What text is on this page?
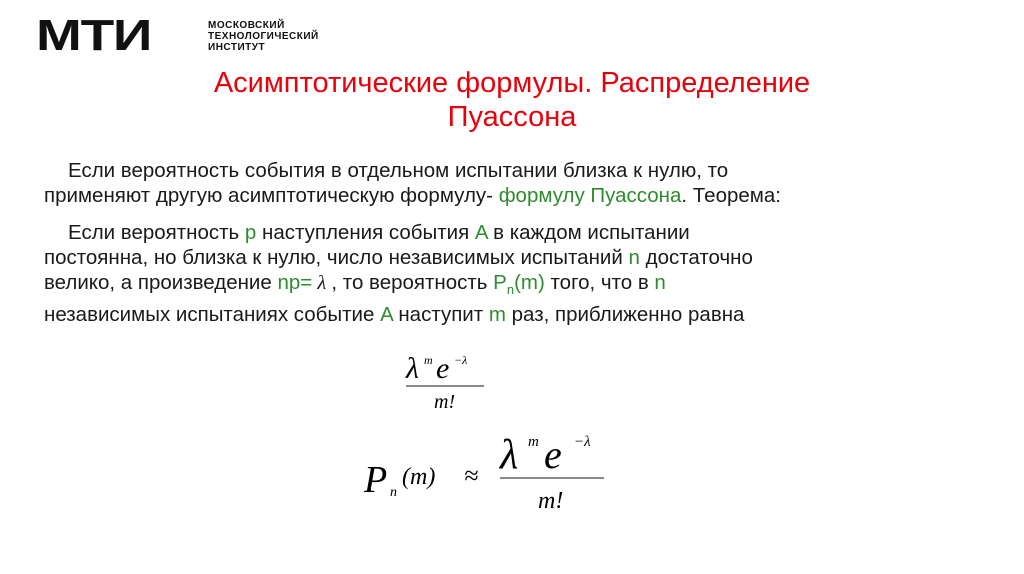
МТИ	МОСКОВСКИЙ
ТЕХНОЛОГИЧЕСКИЙ
ИНСТИТУТ
Асимптотические формулы. Распределение
Пуассона
Если вероятность события в отдельном испытании близка к нулю, то
применяют другую асимптотическую формулу- формулу Пуассона. Теорема:
Если вероятность p наступления события A в каждом испытании
постоянна, но близка к нулю, число независимых испытаний n достаточно
велико, а произведение np= λ , то вероятность $P_n(m)$ того, что в n
независимых испытаниях событие A наступит m раз, приближенно равна
λ m e −λ
m!
P n
(m) ≈ λ m e −λ
m!
